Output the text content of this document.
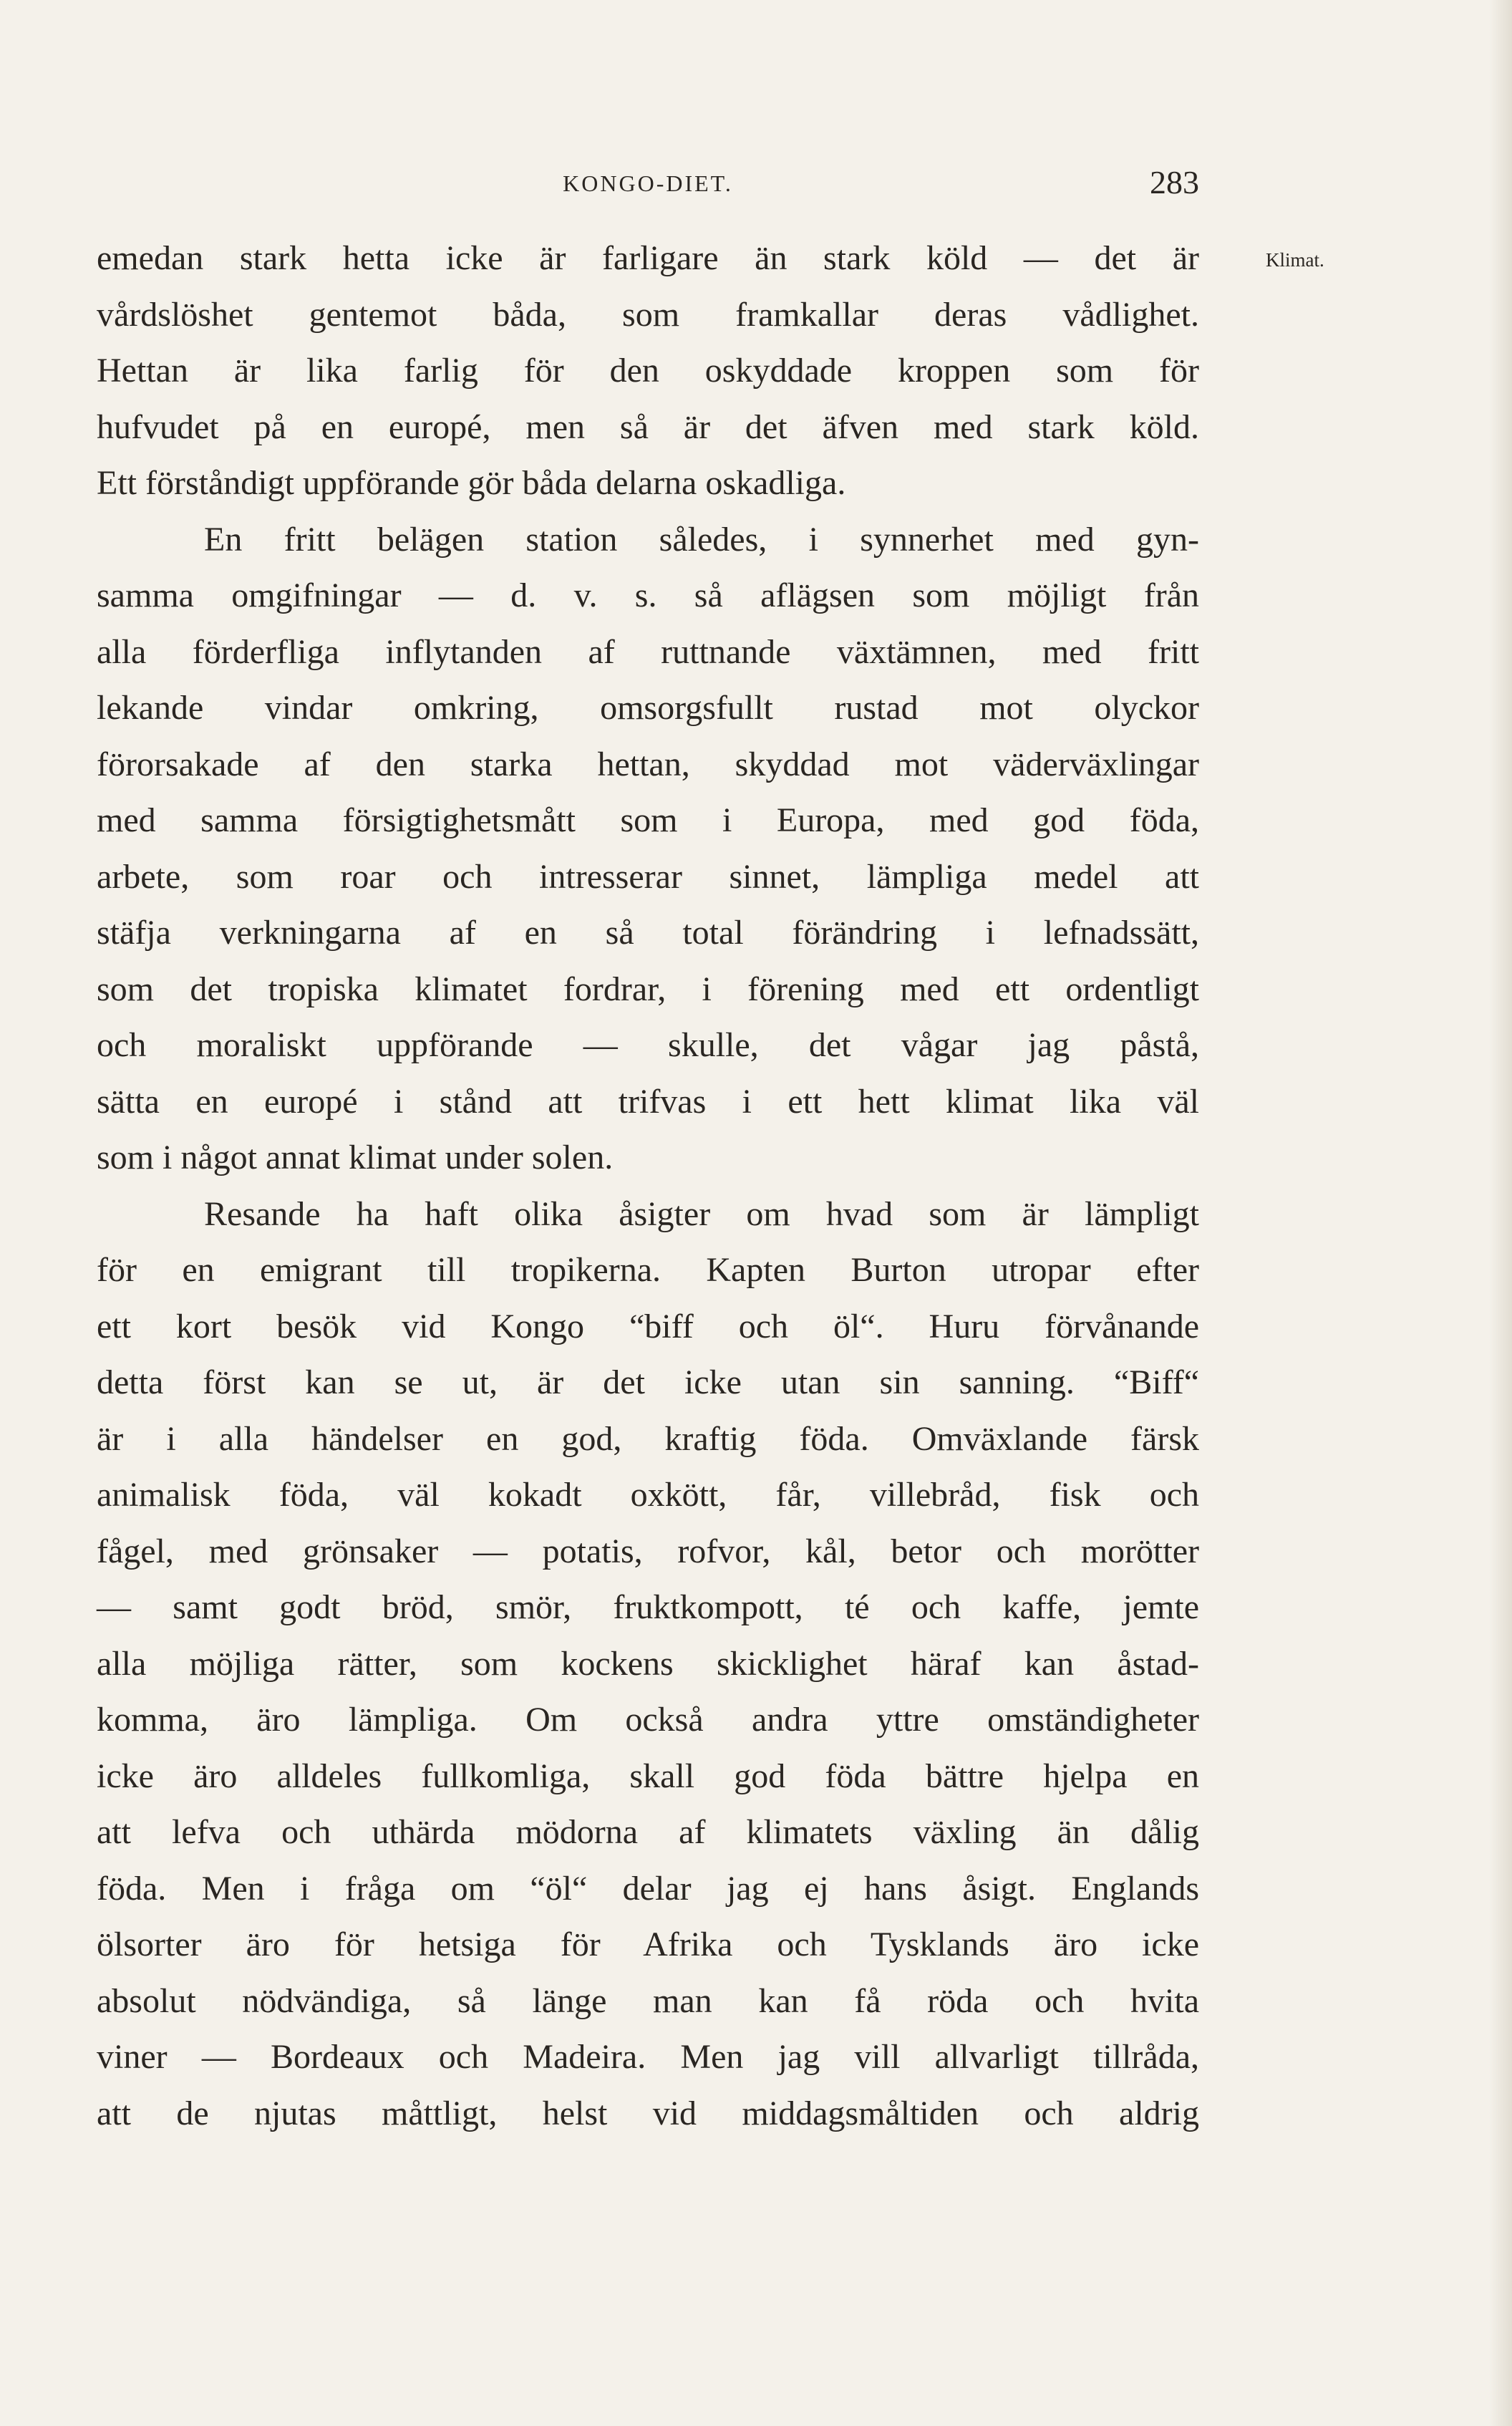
KONGO-DIET.	283
Klimat.
emedan stark hetta icke är farligare än stark köld — det är
vårdslöshet gentemot båda, som framkallar deras vådlighet.
Hettan är lika farlig för den oskyddade kroppen som för
hufvudet på en europé, men så är det äfven med stark köld.
Ett förståndigt uppförande gör båda delarna oskadliga.
En fritt belägen station således, i synnerhet med gyn-
samma omgifningar — d. v. s. så aflägsen som möjligt från
alla förderfliga inflytanden af ruttnande växtämnen, med fritt
lekande vindar omkring, omsorgsfullt rustad mot olyckor
förorsakade af den starka hettan, skyddad mot väderväxlingar
med samma försigtighetsmått som i Europa, med god föda,
arbete, som roar och intresserar sinnet, lämpliga medel att
stäfja verkningarna af en så total förändring i lefnadssätt,
som det tropiska klimatet fordrar, i förening med ett ordentligt
och moraliskt uppförande — skulle, det vågar jag påstå,
sätta en europé i stånd att trifvas i ett hett klimat lika väl
som i något annat klimat under solen.
Resande ha haft olika åsigter om hvad som är lämpligt
för en emigrant till tropikerna. Kapten Burton utropar efter
ett kort besök vid Kongo “biff och öl“. Huru förvånande
detta först kan se ut, är det icke utan sin sanning. “Biff“
är i alla händelser en god, kraftig föda. Omväxlande färsk
animalisk föda, väl kokadt oxkött, får, villebråd, fisk och
fågel, med grönsaker — potatis, rofvor, kål, betor och morötter
— samt godt bröd, smör, fruktkompott, té och kaffe, jemte
alla möjliga rätter, som kockens skicklighet häraf kan åstad-
komma, äro lämpliga. Om också andra yttre omständigheter
icke äro alldeles fullkomliga, skall god föda bättre hjelpa en
att lefva och uthärda mödorna af klimatets växling än dålig
föda. Men i fråga om “öl“ delar jag ej hans åsigt. Englands
ölsorter äro för hetsiga för Afrika och Tysklands äro icke
absolut nödvändiga, så länge man kan få röda och hvita
viner — Bordeaux och Madeira. Men jag vill allvarligt tillråda,
att de njutas måttligt, helst vid middagsmåltiden och aldrig
